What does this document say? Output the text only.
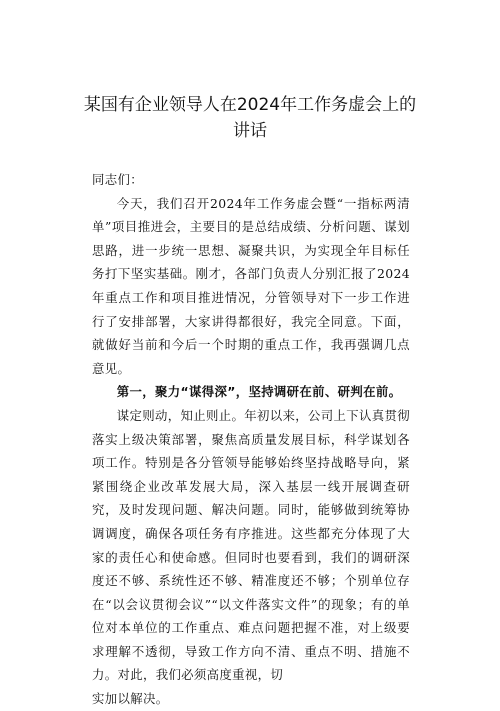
某国有企业领导人在2024年工作务虚会上的
讲话

同志们：

今天，我们召开2024年工作务虚会暨“一指标两清单”项目推进会，主要目的是总结成绩、分析问题、谋划思路，进一步统一思想、凝聚共识，为实现全年目标任务打下坚实基础。刚才，各部门负责人分别汇报了2024年重点工作和项目推进情况，分管领导对下一步工作进行了安排部署，大家讲得都很好，我完全同意。下面，就做好当前和今后一个时期的重点工作，我再强调几点意见。

第一，聚力“谋得深”，坚持调研在前、研判在前。

谋定则动，知止则止。年初以来，公司上下认真贯彻落实上级决策部署，聚焦高质量发展目标，科学谋划各项工作。特别是各分管领导能够始终坚持战略导向，紧紧围绕企业改革发展大局，深入基层一线开展调查研究，及时发现问题、解决问题。同时，能够做到统筹协调调度，确保各项任务有序推进。这些都充分体现了大家的责任心和使命感。但同时也要看到，我们的调研深度还不够、系统性还不够、精准度还不够；个别单位存在“以会议贯彻会议”“以文件落实文件”的现象；有的单位对本单位的工作重点、难点问题把握不准，对上级要求理解不透彻，导致工作方向不清、重点不明、措施不力。对此，我们必须高度重视，切

实加以解决。
